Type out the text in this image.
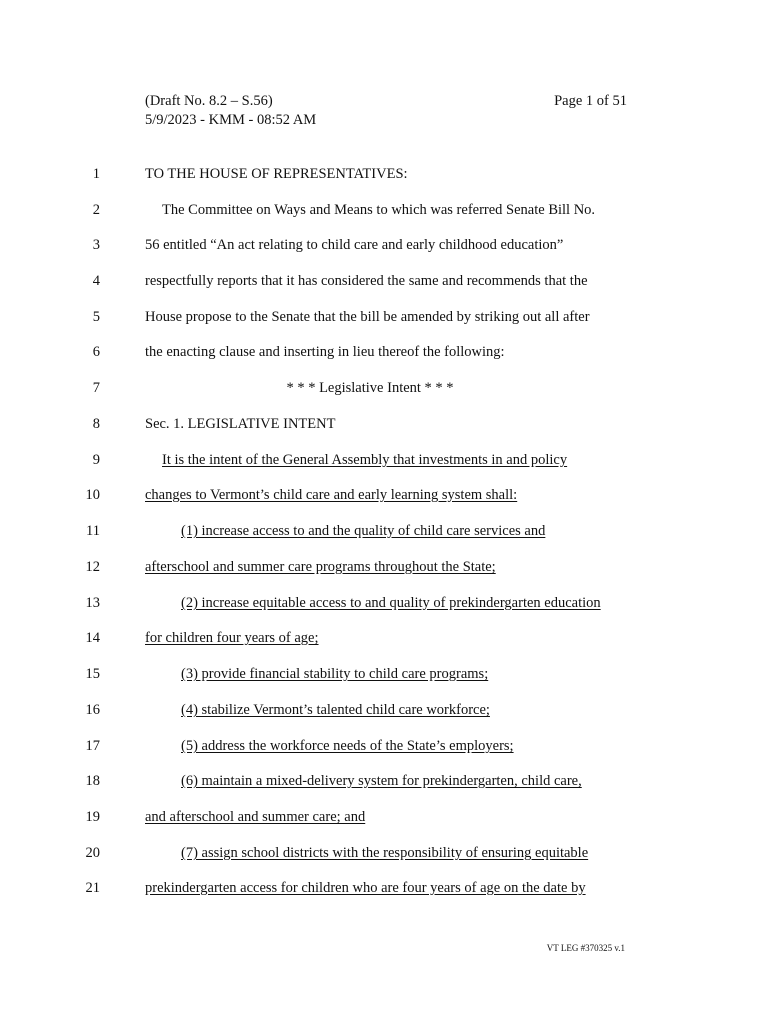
(Draft No. 8.2 – S.56)
5/9/2023 - KMM - 08:52 AM
Page 1 of 51
1	TO THE HOUSE OF REPRESENTATIVES:
2	The Committee on Ways and Means to which was referred Senate Bill No.
3	56 entitled “An act relating to child care and early childhood education”
4	respectfully reports that it has considered the same and recommends that the
5	House propose to the Senate that the bill be amended by striking out all after
6	the enacting clause and inserting in lieu thereof the following:
7	* * * Legislative Intent * * *
8	Sec. 1. LEGISLATIVE INTENT
9	It is the intent of the General Assembly that investments in and policy
10	changes to Vermont’s child care and early learning system shall:
11	(1) increase access to and the quality of child care services and
12	afterschool and summer care programs throughout the State;
13	(2) increase equitable access to and quality of prekindergarten education
14	for children four years of age;
15	(3) provide financial stability to child care programs;
16	(4) stabilize Vermont’s talented child care workforce;
17	(5) address the workforce needs of the State’s employers;
18	(6) maintain a mixed-delivery system for prekindergarten, child care,
19	and afterschool and summer care; and
20	(7) assign school districts with the responsibility of ensuring equitable
21	prekindergarten access for children who are four years of age on the date by
VT LEG #370325 v.1
